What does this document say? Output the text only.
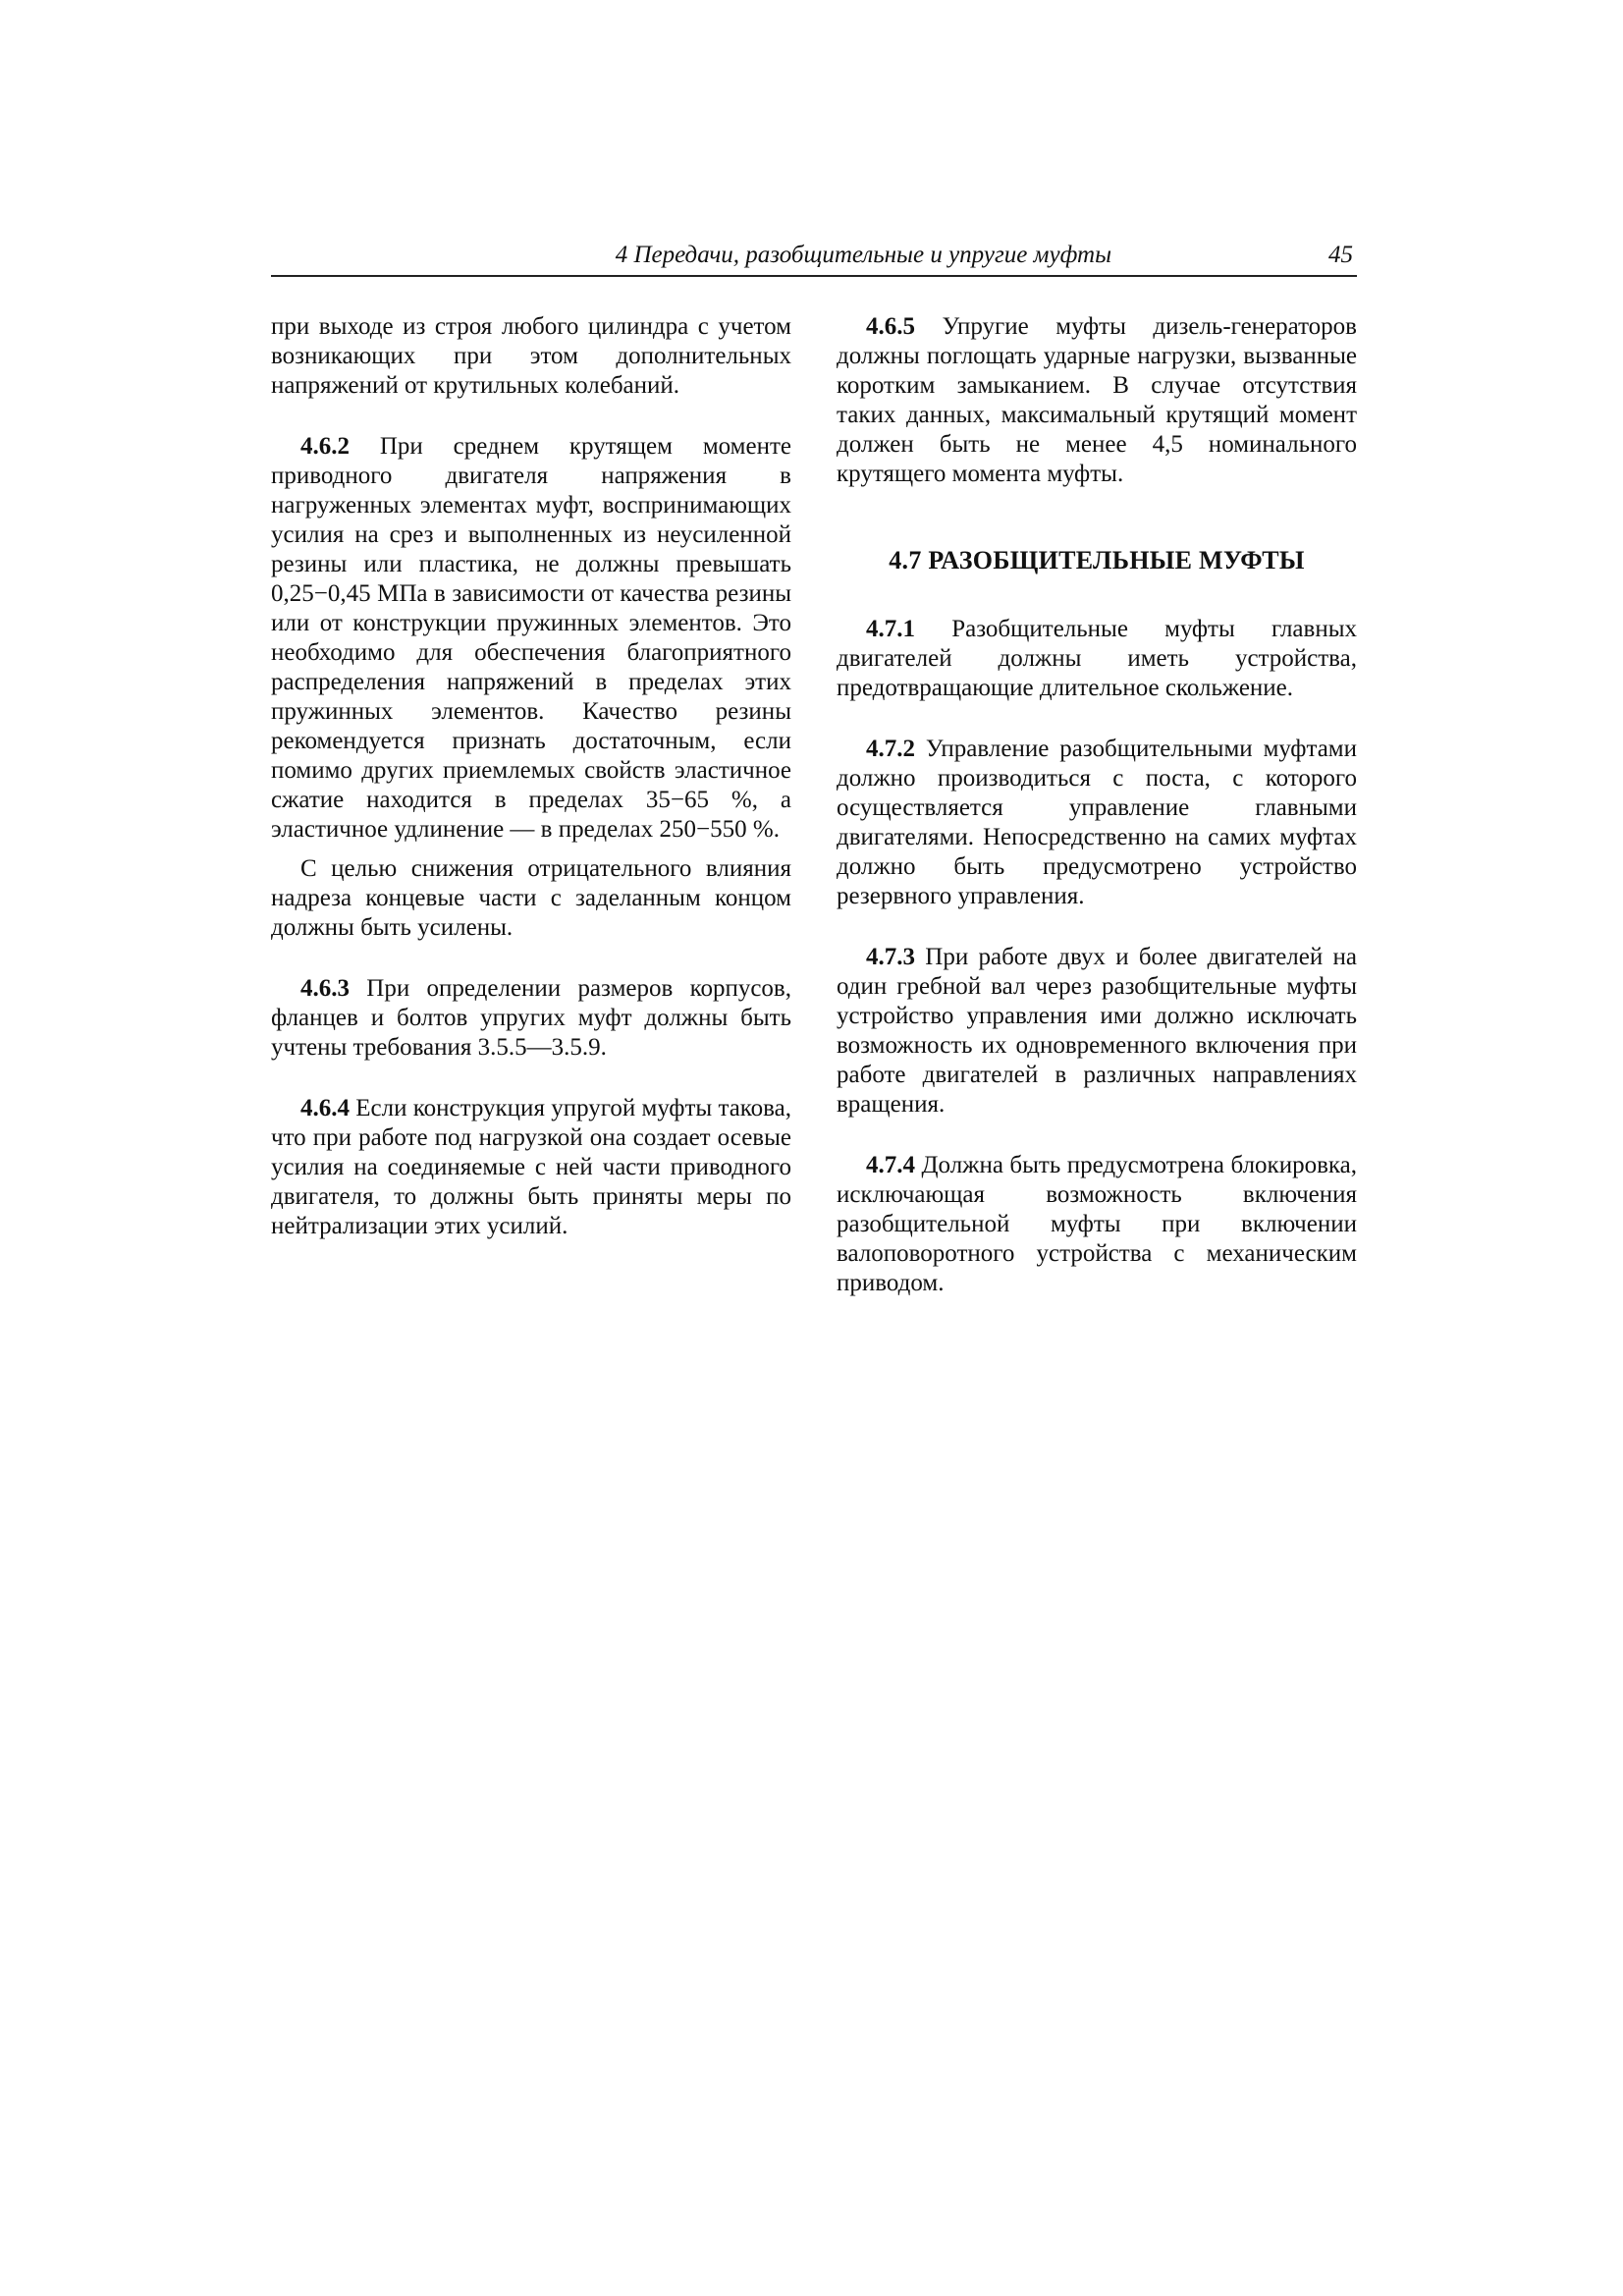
4 Передачи, разобщительные и упругие муфты	45

при выходе из строя любого цилиндра с учетом возникающих при этом дополнительных напряжений от крутильных колебаний.

4.6.2 При среднем крутящем моменте приводного двигателя напряжения в нагруженных элементах муфт, воспринимающих усилия на срез и выполненных из неусиленной резины или пластика, не должны превышать 0,25−0,45 МПа в зависимости от качества резины или от конструкции пружинных элементов. Это необходимо для обеспечения благоприятного распределения напряжений в пределах этих пружинных элементов. Качество резины рекомендуется признать достаточным, если помимо других приемлемых свойств эластичное сжатие находится в пределах 35−65 %, а эластичное удлинение — в пределах 250−550 %.

С целью снижения отрицательного влияния надреза концевые части с заделанным концом должны быть усилены.

4.6.3 При определении размеров корпусов, фланцев и болтов упругих муфт должны быть учтены требования 3.5.5—3.5.9.

4.6.4 Если конструкция упругой муфты такова, что при работе под нагрузкой она создает осевые усилия на соединяемые с ней части приводного двигателя, то должны быть приняты меры по нейтрализации этих усилий.

4.6.5 Упругие муфты дизель-генераторов должны поглощать ударные нагрузки, вызванные коротким замыканием. В случае отсутствия таких данных, максимальный крутящий момент должен быть не менее 4,5 номинального крутящего момента муфты.

4.7 РАЗОБЩИТЕЛЬНЫЕ МУФТЫ

4.7.1 Разобщительные муфты главных двигателей должны иметь устройства, предотвращающие длительное скольжение.

4.7.2 Управление разобщительными муфтами должно производиться с поста, с которого осуществляется управление главными двигателями. Непосредственно на самих муфтах должно быть предусмотрено устройство резервного управления.

4.7.3 При работе двух и более двигателей на один гребной вал через разобщительные муфты устройство управления ими должно исключать возможность их одновременного включения при работе двигателей в различных направлениях вращения.

4.7.4 Должна быть предусмотрена блокировка, исключающая возможность включения разобщительной муфты при включении валоповоротного устройства с механическим приводом.
